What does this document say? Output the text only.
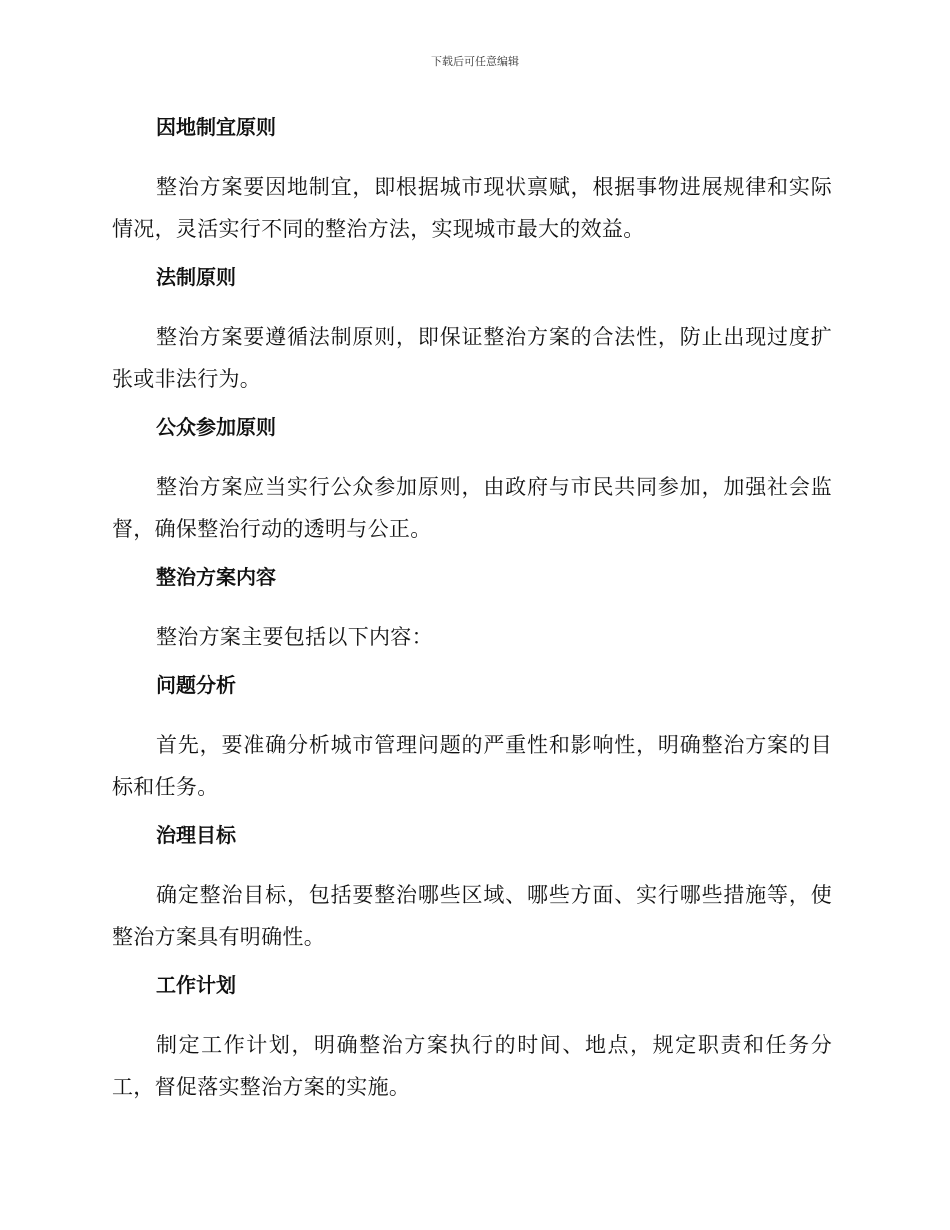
下载后可任意编辑
因地制宜原则

整治方案要因地制宜，即根据城市现状禀赋，根据事物进展规律和实际情况，灵活实行不同的整治方法，实现城市最大的效益。

法制原则

整治方案要遵循法制原则，即保证整治方案的合法性，防止出现过度扩张或非法行为。

公众参加原则

整治方案应当实行公众参加原则，由政府与市民共同参加，加强社会监督，确保整治行动的透明与公正。

整治方案内容

整治方案主要包括以下内容：

问题分析

首先，要准确分析城市管理问题的严重性和影响性，明确整治方案的目标和任务。

治理目标

确定整治目标，包括要整治哪些区域、哪些方面、实行哪些措施等，使整治方案具有明确性。

工作计划

制定工作计划，明确整治方案执行的时间、地点，规定职责和任务分工，督促落实整治方案的实施。
